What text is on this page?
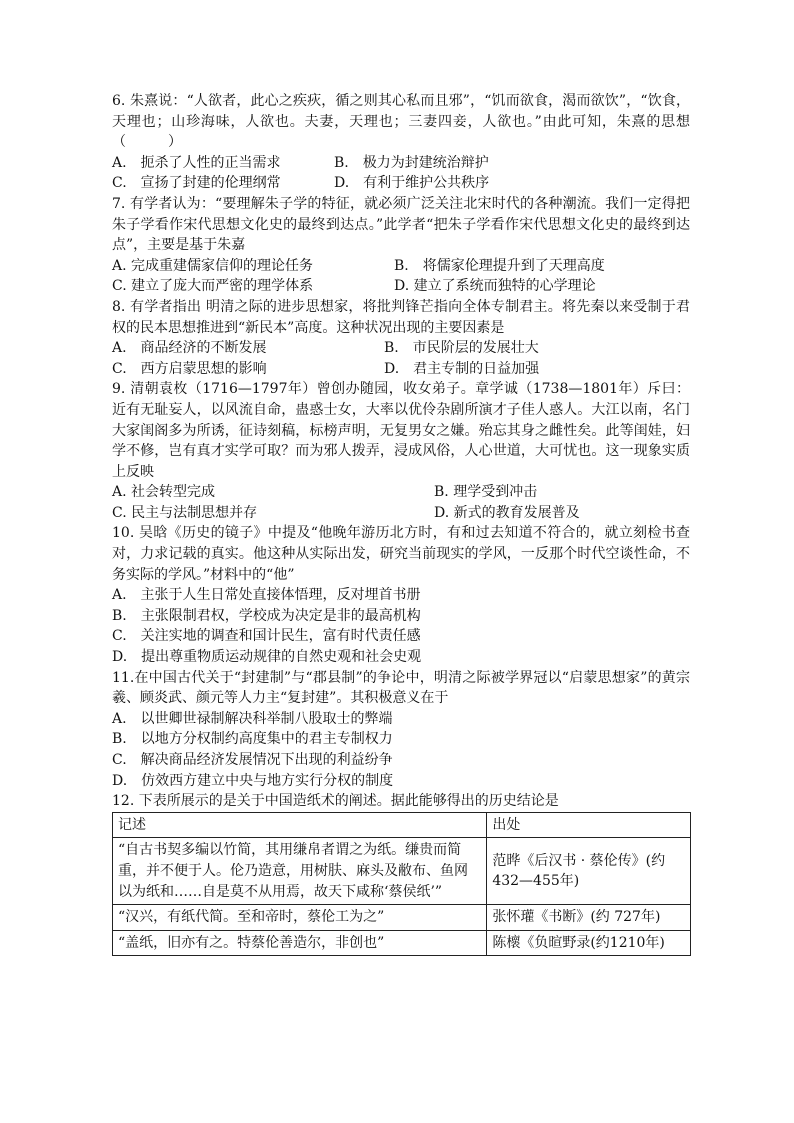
6. 朱熹说：“人欲者，此心之疾疢，循之则其心私而且邪”，“饥而欲食，渴而欲饮”，“饮食，天理也；山珍海味，人欲也。夫妻，天理也；三妻四妾，人欲也。”由此可知，朱熹的思想（　　　）

A.　扼杀了人性的正当需求	B.　极力为封建统治辩护
C.　宣扬了封建的伦理纲常	D.　有利于维护公共秩序

7. 有学者认为：“要理解朱子学的特征，就必须广泛关注北宋时代的各种潮流。我们一定得把朱子学看作宋代思想文化史的最终到达点。”此学者“把朱子学看作宋代思想文化史的最终到达点”，主要是基于朱嘉

A. 完成重建儒家信仰的理论任务	B.　将儒家伦理提升到了天理高度
C. 建立了庞大而严密的理学体系	D. 建立了系统而独特的心学理论

8. 有学者指出 明清之际的进步思想家，将批判锋芒指向全体专制君主。将先秦以来受制于君权的民本思想推进到“新民本”高度。这种状况出现的主要因素是

A.　商品经济的不断发展	B.　市民阶层的发展壮大
C.　西方启蒙思想的影响	D.　君主专制的日益加强

9. 清朝袁枚（1716—1797年）曾创办随园，收女弟子。章学诚（1738—1801年）斥曰：近有无耻妄人，以风流自命，蛊惑士女，大率以优伶杂剧所演才子佳人惑人。大江以南，名门大家闺阁多为所诱，征诗刻稿，标榜声明，无复男女之嫌。殆忘其身之雌性矣。此等闺娃，妇学不修，岂有真才实学可取？而为邪人拨弄，浸成风俗，人心世道，大可忧也。这一现象实质上反映

A. 社会转型完成	B. 理学受到冲击
C. 民主与法制思想并存	D. 新式的教育发展普及

10. 吴晗《历史的镜子》中提及“他晚年游历北方时，有和过去知道不符合的，就立刻检书查对，力求记载的真实。他这种从实际出发，研究当前现实的学风，一反那个时代空谈性命，不务实际的学风。”材料中的“他”

A.　主张于人生日常处直接体悟理，反对埋首书册

B.　主张限制君权，学校成为决定是非的最高机构

C.　关注实地的调查和国计民生，富有时代责任感

D.　提出尊重物质运动规律的自然史观和社会史观

11.在中国古代关于“封建制”与“郡县制”的争论中，明清之际被学界冠以“启蒙思想家”的黄宗羲、顾炎武、颜元等人力主“复封建”。其积极意义在于

A.　以世卿世禄制解决科举制八股取士的弊端

B.　以地方分权制约高度集中的君主专制权力

C.　解决商品经济发展情况下出现的利益纷争

D.　仿效西方建立中央与地方实行分权的制度

12. 下表所展示的是关于中国造纸术的阐述。据此能够得出的历史结论是

记述	出处
“自古书契多编以竹简，其用缣帛者谓之为纸。缣贵而简重，并不便于人。伦乃造意，用树肤、麻头及敝布、鱼网以为纸和……自是莫不从用焉，故天下咸称‘蔡侯纸’”	范晔《后汉书 · 蔡伦传》(约432—455年)
“汉兴，有纸代简。至和帝时，蔡伦工为之”	张怀瓘《书断》(约 727年)
“盖纸，旧亦有之。特蔡伦善造尔，非创也”	陈櫰《负暄野录(约1210年)
